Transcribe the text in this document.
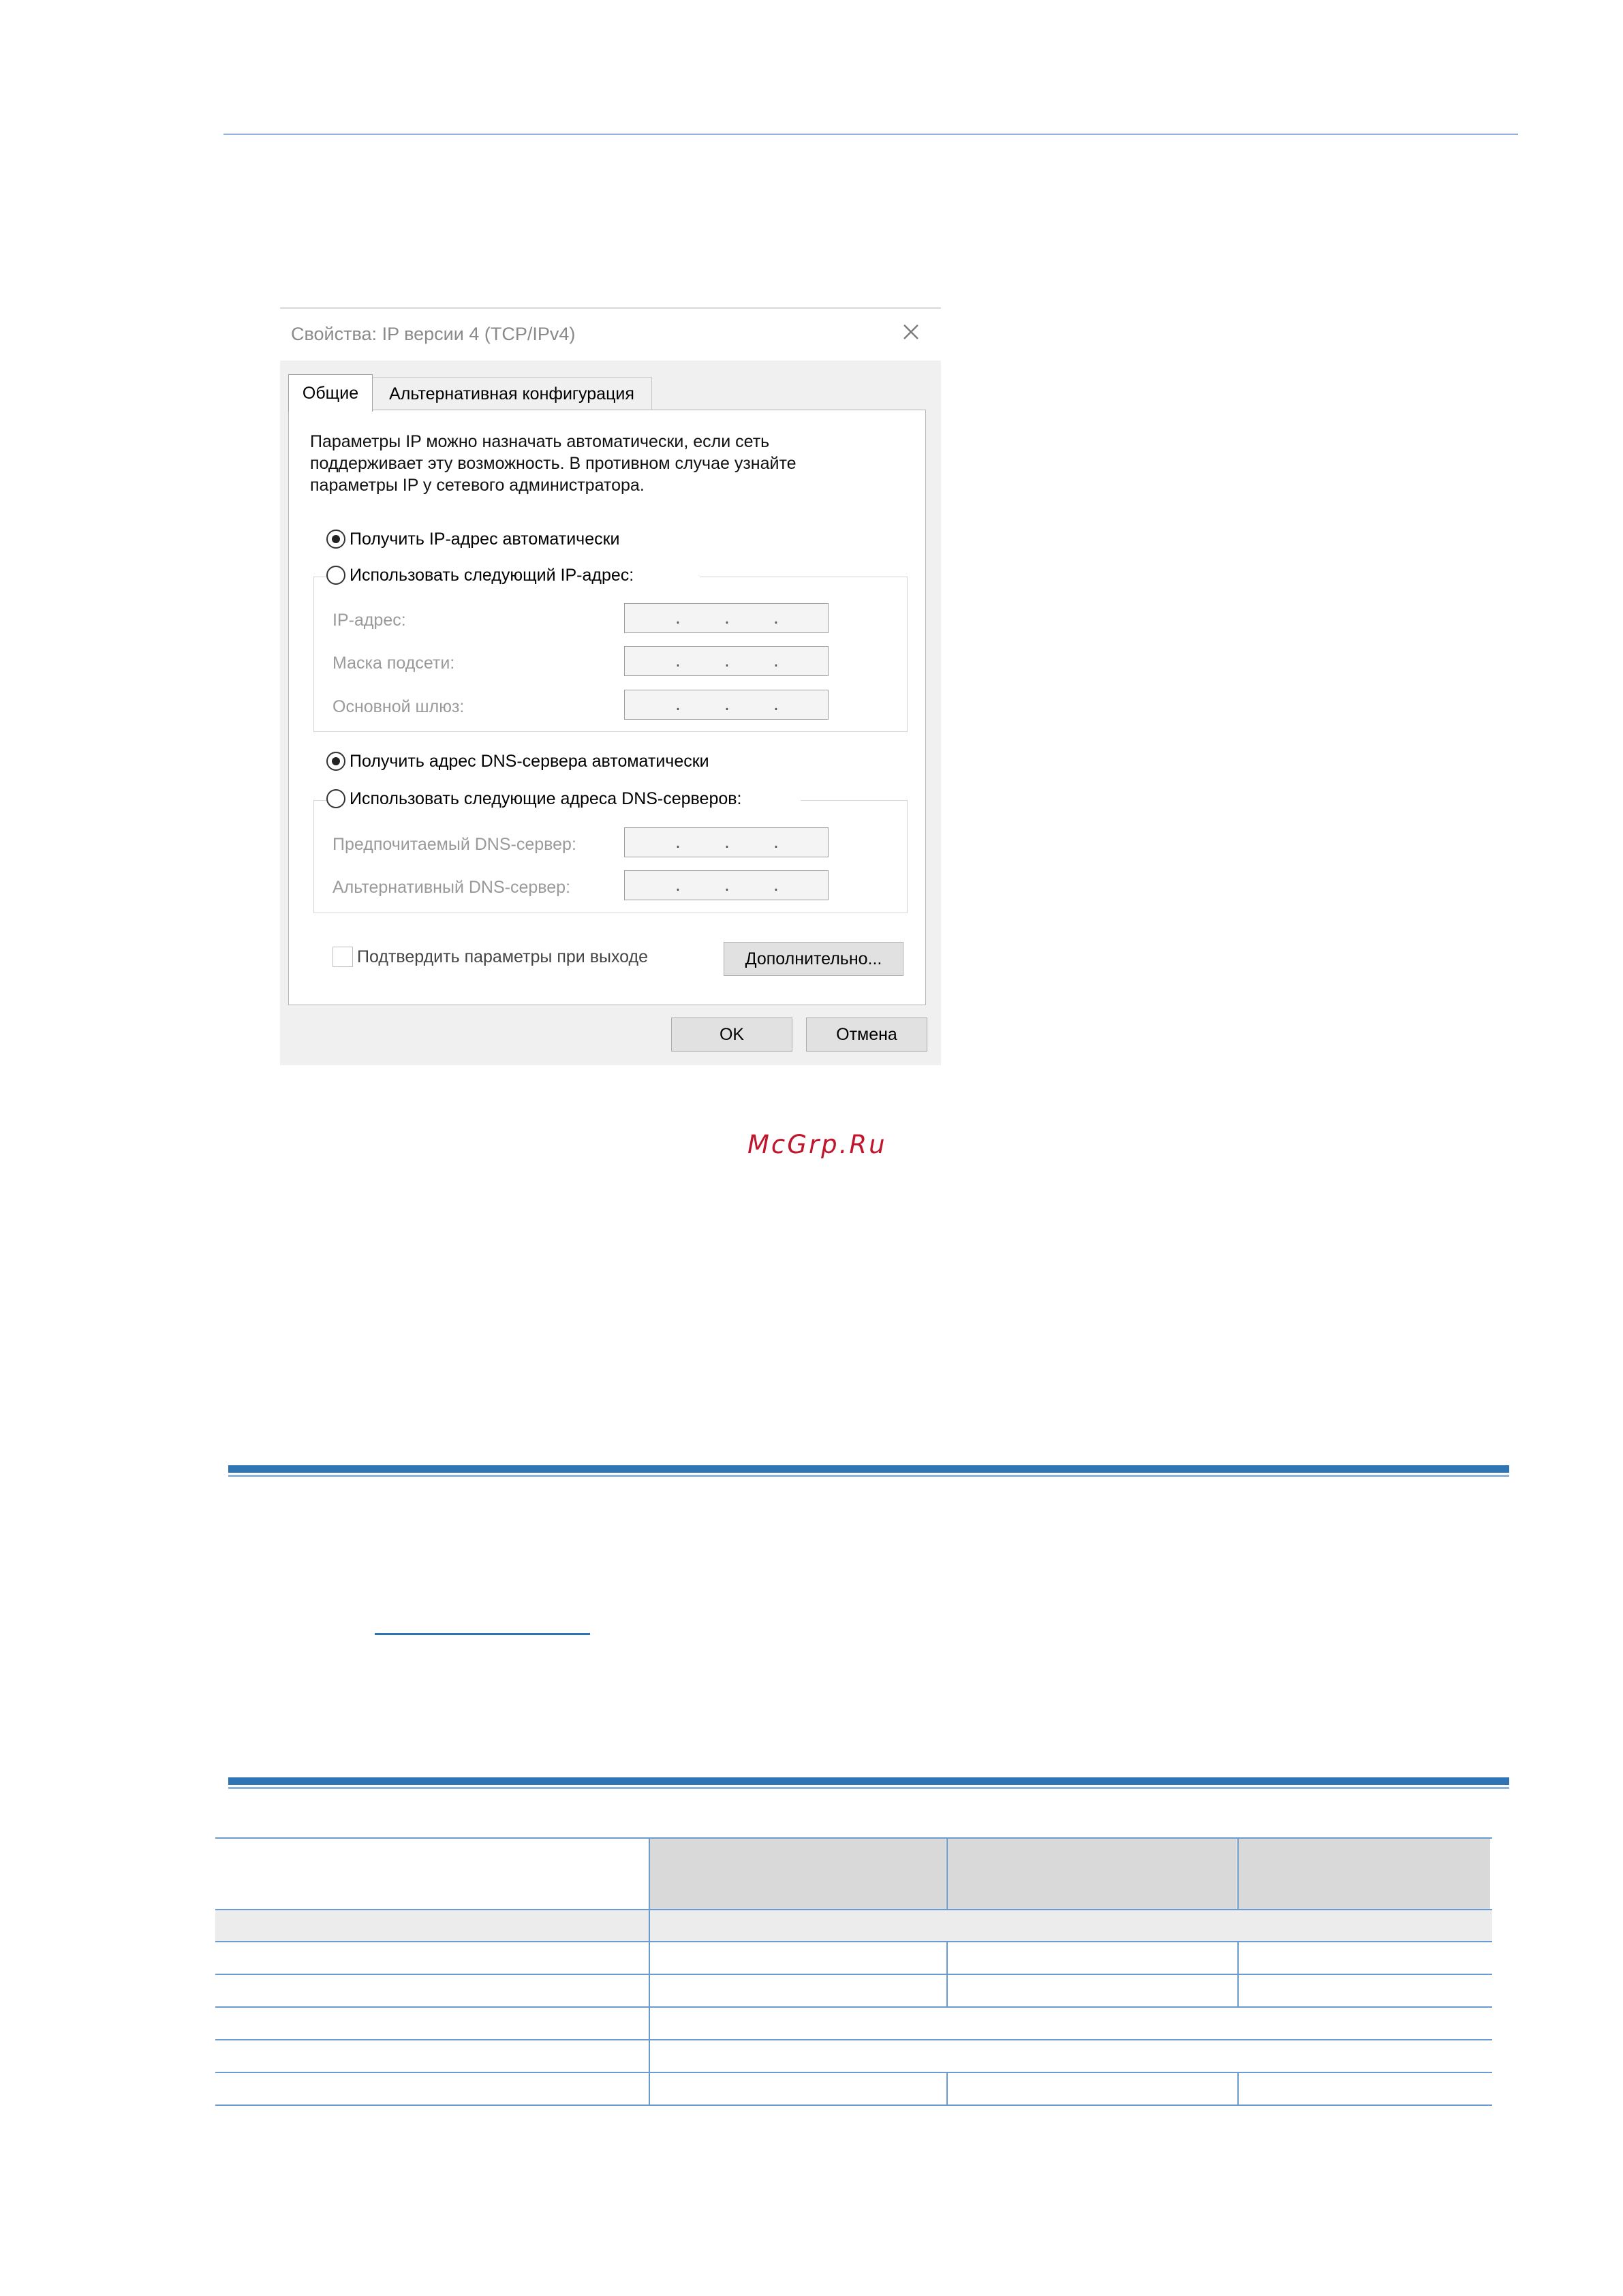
Свойства: IP версии 4 (TCP/IPv4)
Общие	Альтернативная конфигурация
Параметры IP можно назначать автоматически, если сеть
поддерживает эту возможность. В противном случае узнайте
параметры IP у сетевого администратора.
Получить IP-адрес автоматически
Использовать следующий IP-адрес:
IP-адрес:	.	.	.
Маска подсети:	.	.	.
Основной шлюз:	.	.	.
Получить адрес DNS-сервера автоматически
Использовать следующие адреса DNS-серверов:
Предпочитаемый DNS-сервер:	.	.	.
Альтернативный DNS-сервер:	.	.	.
Подтвердить параметры при выходе	Дополнительно...
OK	Отмена
McGrp.Ru
